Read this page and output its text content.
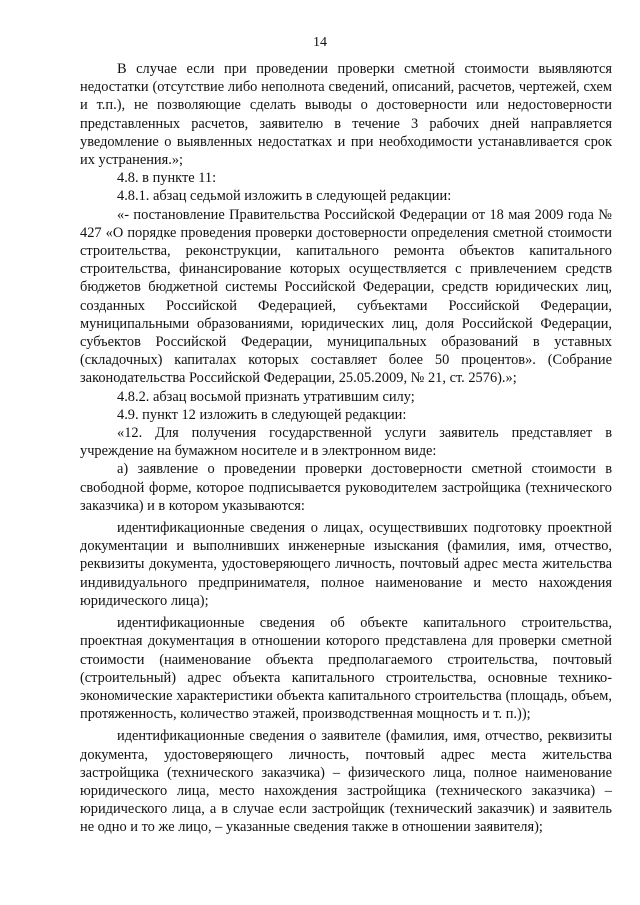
14

В случае если при проведении проверки сметной стоимости выявляются недостатки (отсутствие либо неполнота сведений, описаний, расчетов, чертежей, схем и т.п.), не позволяющие сделать выводы о достоверности или недостоверности представленных расчетов, заявителю в течение 3 рабочих дней направляется уведомление о выявленных недостатках и при необходимости устанавливается срок их устранения.»;

4.8. в пункте 11:

4.8.1. абзац седьмой изложить в следующей редакции:

«- постановление Правительства Российской Федерации от 18 мая 2009 года № 427 «О порядке проведения проверки достоверности определения сметной стоимости строительства, реконструкции, капитального ремонта объектов капитального строительства, финансирование которых осуществляется с привлечением средств бюджетов бюджетной системы Российской Федерации, средств юридических лиц, созданных Российской Федерацией, субъектами Российской Федерации, муниципальными образованиями, юридических лиц, доля Российской Федерации, субъектов Российской Федерации, муниципальных образований в уставных (складочных) капиталах которых составляет более 50 процентов». (Собрание законодательства Российской Федерации, 25.05.2009, № 21, ст. 2576).»;

4.8.2. абзац восьмой признать утратившим силу;

4.9. пункт 12 изложить в следующей редакции:

«12. Для получения государственной услуги заявитель представляет в учреждение на бумажном носителе и в электронном виде:

а) заявление о проведении проверки достоверности сметной стоимости в свободной форме, которое подписывается руководителем застройщика (технического заказчика) и в котором указываются:

идентификационные сведения о лицах, осуществивших подготовку проектной документации и выполнивших инженерные изыскания (фамилия, имя, отчество, реквизиты документа, удостоверяющего личность, почтовый адрес места жительства индивидуального предпринимателя, полное наименование и место нахождения юридического лица);

идентификационные сведения об объекте капитального строительства, проектная документация в отношении которого представлена для проверки сметной стоимости (наименование объекта предполагаемого строительства, почтовый (строительный) адрес объекта капитального строительства, основные технико-экономические характеристики объекта капитального строительства (площадь, объем, протяженность, количество этажей, производственная мощность и т. п.));

идентификационные сведения о заявителе (фамилия, имя, отчество, реквизиты документа, удостоверяющего личность, почтовый адрес места жительства застройщика (технического заказчика) – физического лица, полное наименование юридического лица, место нахождения застройщика (технического заказчика) – юридического лица, а в случае если застройщик (технический заказчик) и заявитель не одно и то же лицо, – указанные сведения также в отношении заявителя);
